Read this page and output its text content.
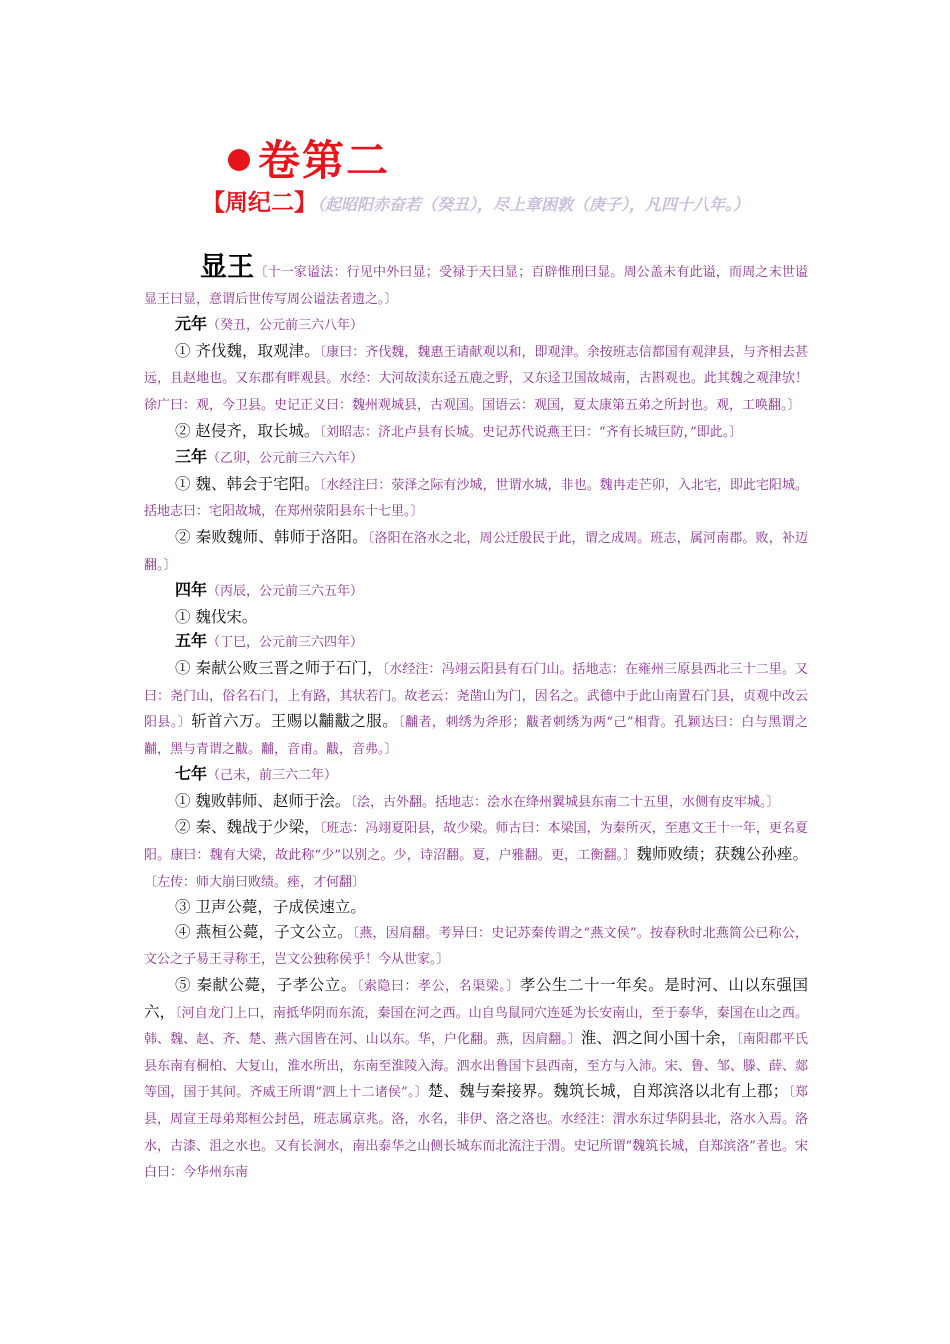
卷第二
【周纪二】（起昭阳赤奋若（癸丑），尽上章困敦（庚子），凡四十八年。）

显王〔十一家谥法：行见中外曰显；受禄于天曰显；百辟惟刑曰显。周公盖未有此谥，而周之末世谥显王曰显，意谓后世传写周公谥法者遗之。〕

元年（癸丑，公元前三六八年）

① 齐伐魏，取观津。〔康曰：齐伐魏，魏惠王请献观以和，即观津。余按班志信都国有观津县，与齐相去甚远，且赵地也。又东郡有畔观县。水经：大河故渎东迳五鹿之野，又东迳卫国故城南，古斟观也。此其魏之观津欤！徐广曰：观，今卫县。史记正义曰：魏州观城县，古观国。国语云：观国，夏太康第五弟之所封也。观，工唤翻。〕

② 赵侵齐，取长城。〔刘昭志：济北卢县有长城。史记苏代说燕王曰：“齐有长城巨防，”即此。〕

三年（乙卯，公元前三六六年）

① 魏、韩会于宅阳。〔水经注曰：荥泽之际有沙城，世谓水城，非也。魏冉走芒卯，入北宅，即此宅阳城。括地志曰：宅阳故城，在郑州荥阳县东十七里。〕

② 秦败魏师、韩师于洛阳。〔洛阳在洛水之北，周公迁殷民于此，谓之成周。班志，属河南郡。败，补迈翻。〕

四年（丙辰，公元前三六五年）

① 魏伐宋。

五年（丁巳，公元前三六四年）

① 秦献公败三晋之师于石门，〔水经注：冯翊云阳县有石门山。括地志：在雍州三原县西北三十二里。又曰：尧门山，俗名石门，上有路，其状若门。故老云：尧凿山为门，因名之。武德中于此山南置石门县，贞观中改云阳县。〕斩首六万。王赐以黼黻之服。〔黼者，刺绣为斧形；黻者刺绣为两“己”相背。孔颖达曰：白与黑谓之黼，黑与青谓之黻。黼，音甫。黻，音弗。〕

七年（己未，前三六二年）

① 魏败韩师、赵师于浍。〔浍，古外翻。括地志：浍水在绛州翼城县东南二十五里，水侧有皮牢城。〕

② 秦、魏战于少梁，〔班志：冯翊夏阳县，故少梁。师古曰：本梁国，为秦所灭，至惠文王十一年，更名夏阳。康曰：魏有大梁，故此称“少”以别之。少，诗沼翻。夏，户雅翻。更，工衡翻。〕魏师败绩；获魏公孙痤。〔左传：师大崩曰败绩。痤，才何翻〕

③ 卫声公薨，子成侯速立。

④ 燕桓公薨，子文公立。〔燕，因肩翻。考异曰：史记苏秦传谓之“燕文侯”。按春秋时北燕简公已称公，文公之子易王寻称王，岂文公独称侯乎！今从世家。〕

⑤ 秦献公薨，子孝公立。〔索隐曰：孝公，名渠梁。〕孝公生二十一年矣。是时河、山以东强国六，〔河自龙门上口，南抵华阴而东流，秦国在河之西。山自鸟鼠同穴连延为长安南山，至于泰华，秦国在山之西。韩、魏、赵、齐、楚、燕六国皆在河、山以东。华，户化翻。燕，因肩翻。〕淮、泗之间小国十余，〔南阳郡平氏县东南有桐柏、大复山，淮水所出，东南至淮陵入海。泗水出鲁国卞县西南，至方与入沛。宋、鲁、邹、滕、薛、郯等国，国于其间。齐威王所谓“泗上十二诸侯”。〕楚、魏与秦接界。魏筑长城，自郑滨洛以北有上郡；〔郑县，周宣王母弟郑桓公封邑，班志属京兆。洛，水名，非伊、洛之洛也。水经注：渭水东过华阴县北，洛水入焉。洛水，古漆、沮之水也。又有长涧水，南出泰华之山侧长城东而北流注于渭。史记所谓“魏筑长城，自郑滨洛”者也。宋白曰：今华州东南
